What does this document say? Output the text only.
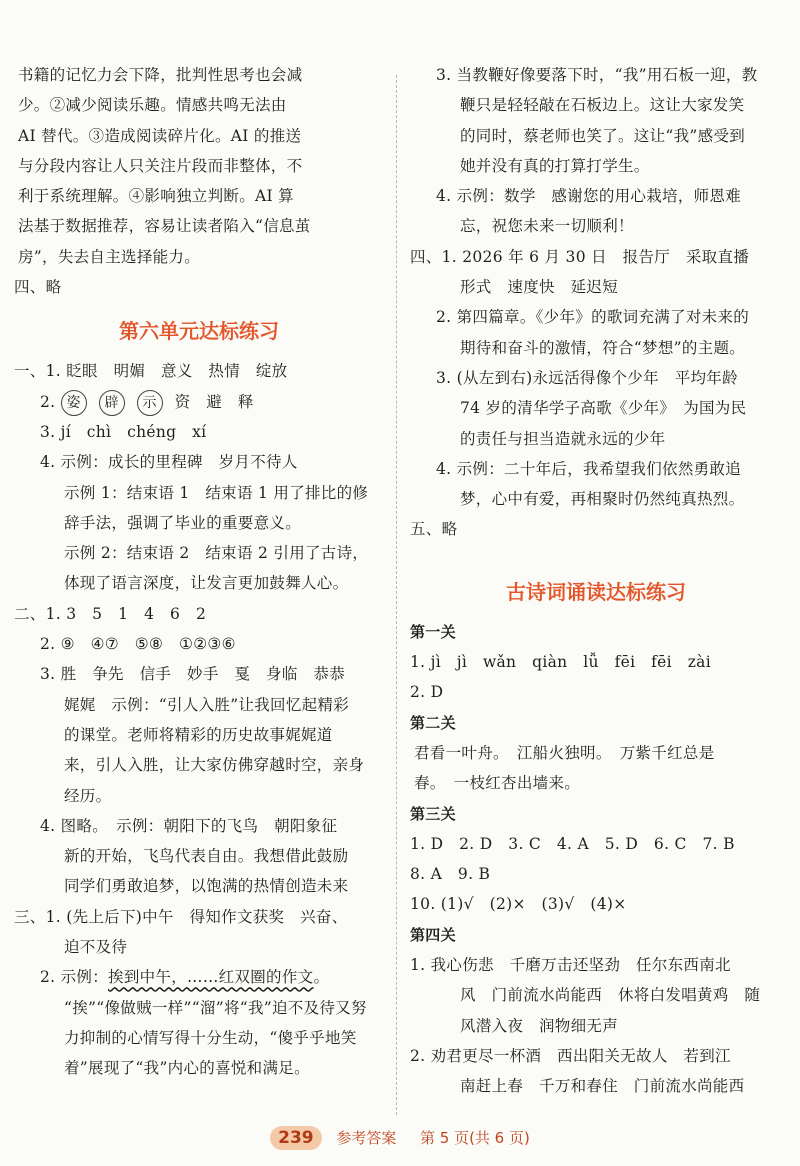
书籍的记忆力会下降，批判性思考也会减
少。②减少阅读乐趣。情感共鸣无法由
AI 替代。③造成阅读碎片化。AI 的推送
与分段内容让人只关注片段而非整体，不
利于系统理解。④影响独立判断。AI 算
法基于数据推荐，容易让读者陷入“信息茧
房”，失去自主选择能力。
四、略
第六单元达标练习
一、1. 眨眼　明媚　意义　热情　绽放
2. 姿 辟 示 资　避　释
3. jí　chì　chéng　xí
4. 示例：成长的里程碑　岁月不待人
示例 1：结束语 1　结束语 1 用了排比的修
辞手法，强调了毕业的重要意义。
示例 2：结束语 2　结束语 2 引用了古诗，
体现了语言深度，让发言更加鼓舞人心。
二、1. 3　5　1　4　6　2
2. ⑨　④⑦　⑤⑧　①②③⑥
3. 胜　争先　信手　妙手　戛　身临　恭恭
娓娓　示例：“引人入胜”让我回忆起精彩
的课堂。老师将精彩的历史故事娓娓道
来，引人入胜，让大家仿佛穿越时空，亲身
经历。
4. 图略。　示例：朝阳下的飞鸟　朝阳象征
新的开始，飞鸟代表自由。我想借此鼓励
同学们勇敢追梦，以饱满的热情创造未来
三、1. (先上后下)中午　得知作文获奖　兴奋、
迫不及待
2. 示例：挨到中午，……红双圈的作文。
“挨”“像做贼一样”“溜”将“我”迫不及待又努
力抑制的心情写得十分生动，“傻乎乎地笑
着”展现了“我”内心的喜悦和满足。
3. 当教鞭好像要落下时，“我”用石板一迎，教
鞭只是轻轻敲在石板边上。这让大家发笑
的同时，蔡老师也笑了。这让“我”感受到
她并没有真的打算打学生。
4. 示例：数学　感谢您的用心栽培，师恩难
忘，祝您未来一切顺利！
四、1. 2026 年 6 月 30 日　报告厅　采取直播
形式　速度快　延迟短
2. 第四篇章。《少年》的歌词充满了对未来的
期待和奋斗的激情，符合“梦想”的主题。
3. (从左到右)永远活得像个少年　平均年龄
74 岁的清华学子高歌《少年》　为国为民
的责任与担当造就永远的少年
4. 示例：二十年后，我希望我们依然勇敢追
梦，心中有爱，再相聚时仍然纯真热烈。
五、略
古诗词诵读达标练习
第一关
1. jì　jì　wǎn　qiàn　lǚ　fēi　fēi　zài
2. D
第二关
君看一叶舟。　江船火独明。　万紫千红总是
春。　一枝红杏出墙来。
第三关
1. D　2. D　3. C　4. A　5. D　6. C　7. B
8. A　9. B
10. (1)√　(2)×　(3)√　(4)×
第四关
1. 我心伤悲　千磨万击还坚劲　任尔东西南北
风　门前流水尚能西　休将白发唱黄鸡　随
风潜入夜　润物细无声
2. 劝君更尽一杯酒　西出阳关无故人　若到江
南赶上春　千万和春住　门前流水尚能西
239 参考答案 第 5 页(共 6 页)
